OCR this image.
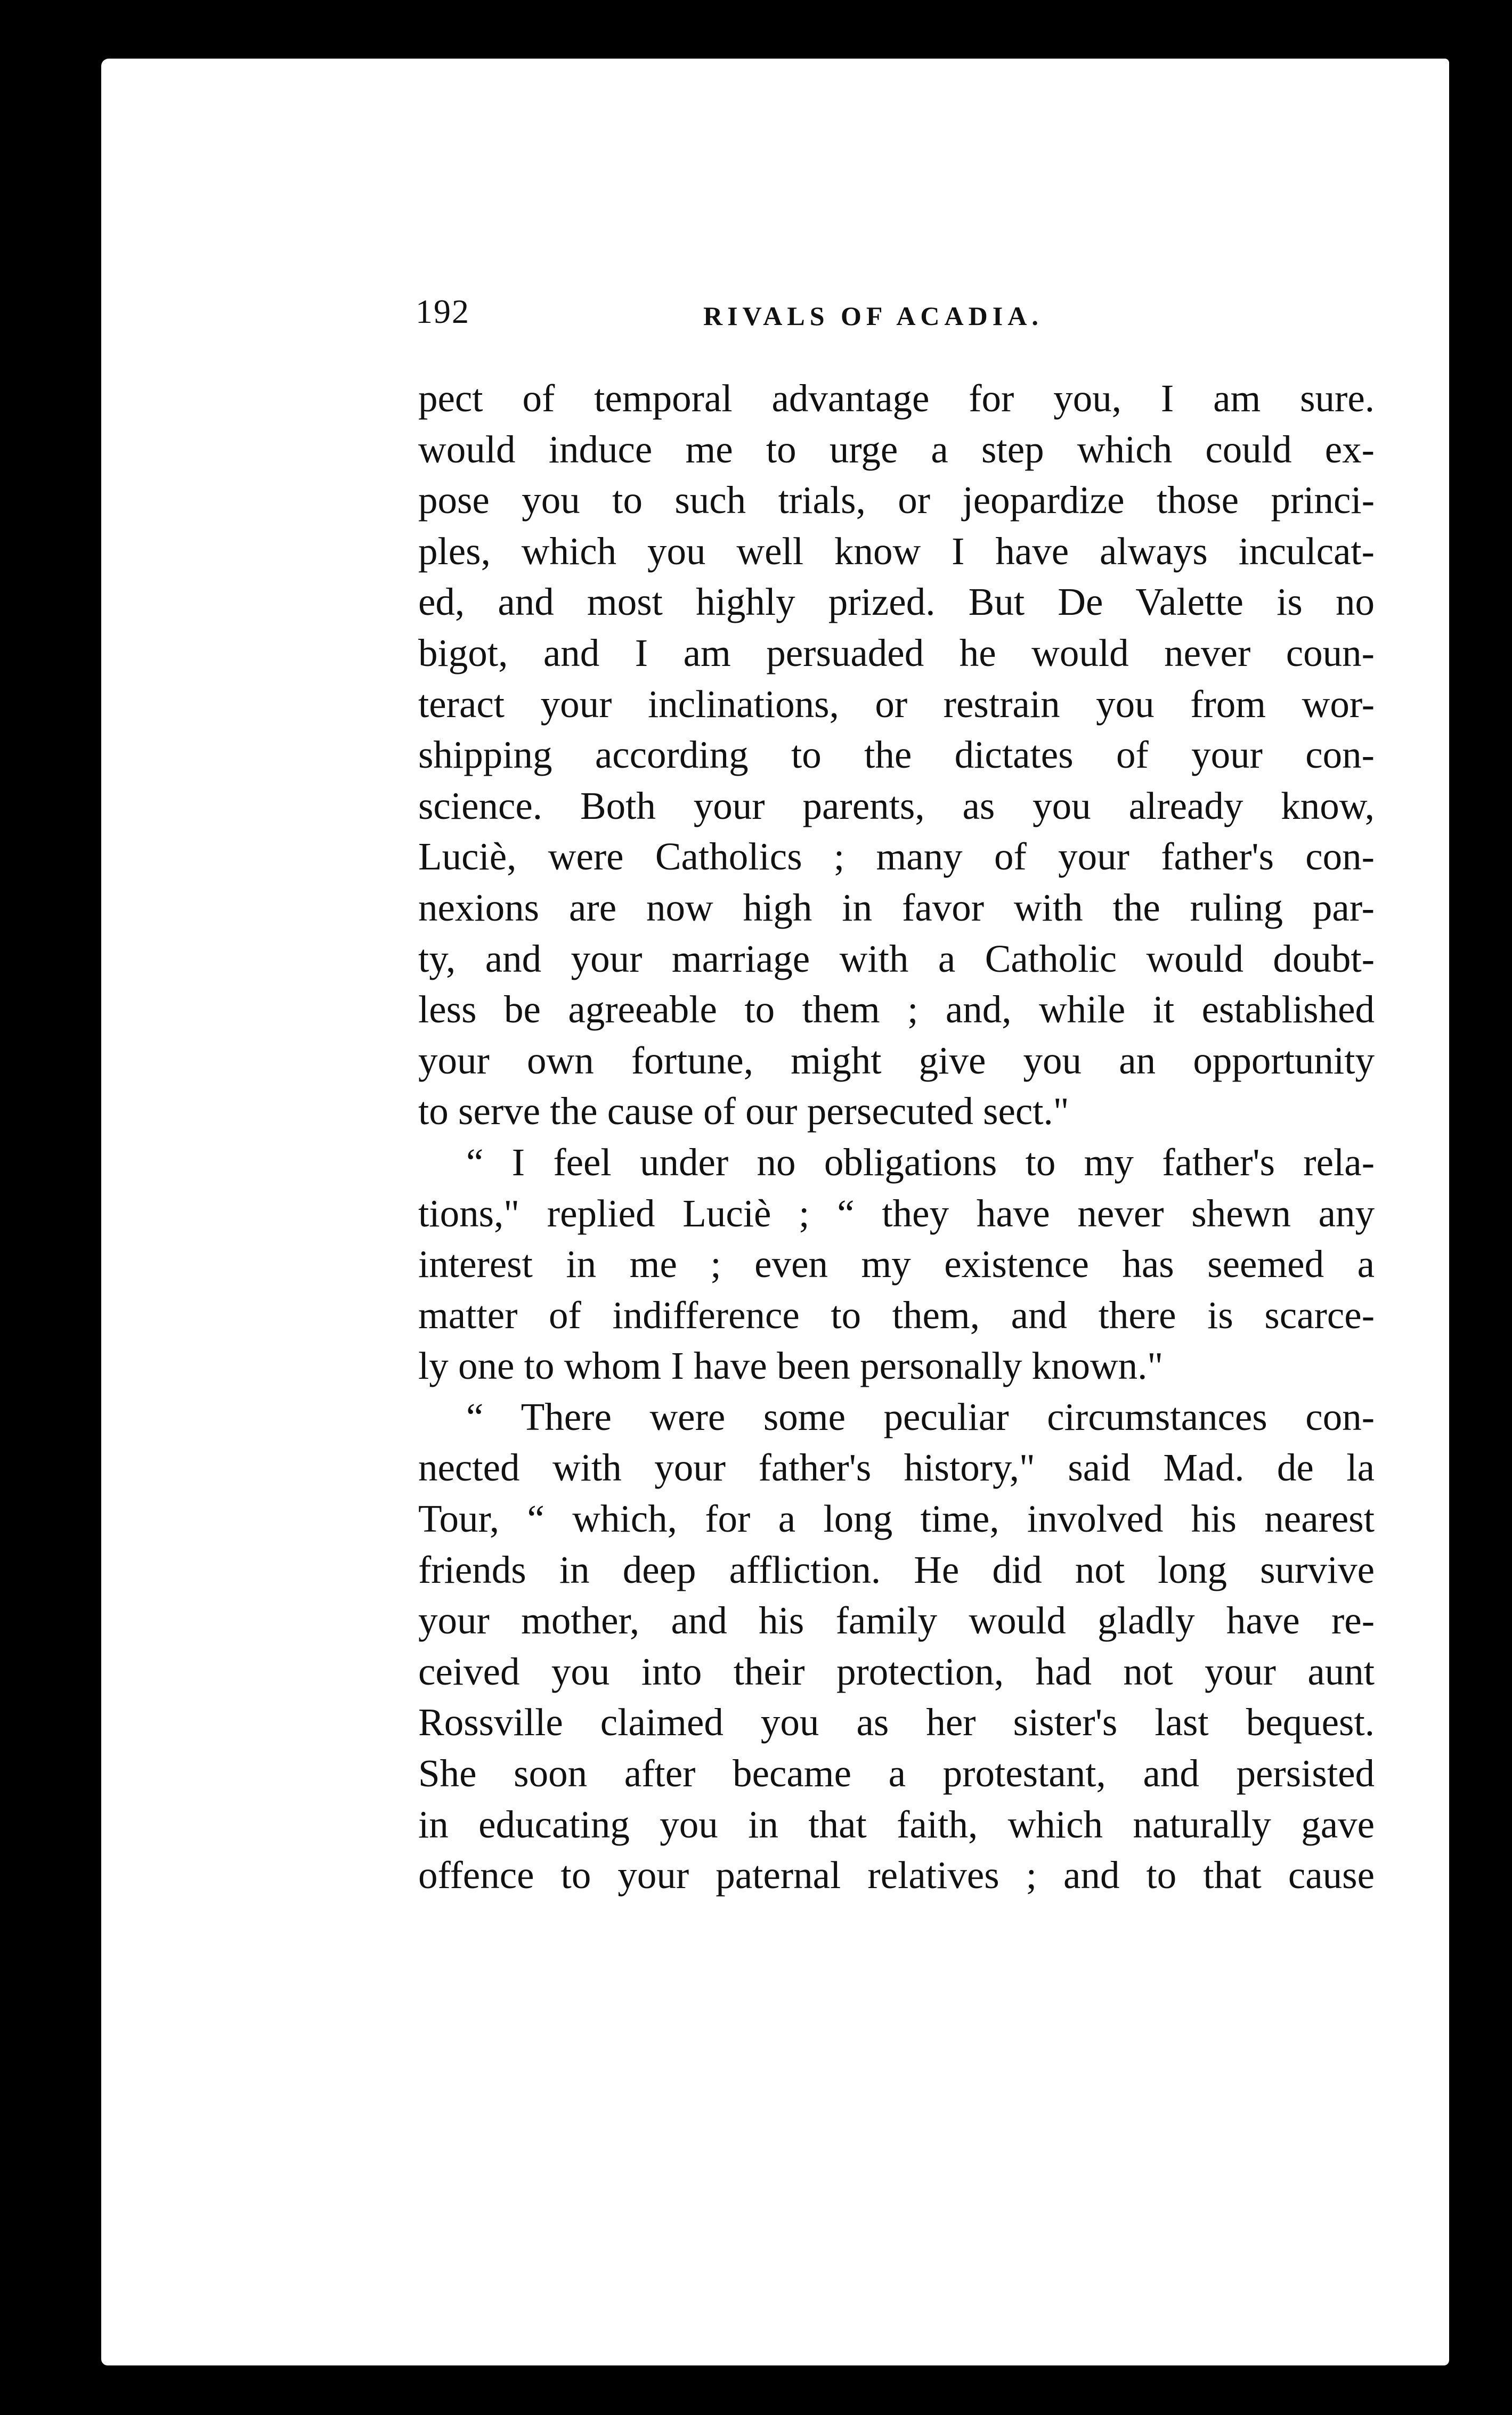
192	RIVALS OF ACADIA.
pect of temporal advantage for you, I am sure.
would induce me to urge a step which could ex-
pose you to such trials, or jeopardize those princi-
ples, which you well know I have always inculcat-
ed, and most highly prized. But De Valette is no
bigot, and I am persuaded he would never coun-
teract your inclinations, or restrain you from wor-
shipping according to the dictates of your con-
science. Both your parents, as you already know,
Luciè, were Catholics ; many of your father's con-
nexions are now high in favor with the ruling par-
ty, and your marriage with a Catholic would doubt-
less be agreeable to them ; and, while it established
your own fortune, might give you an opportunity
to serve the cause of our persecuted sect."
“ I feel under no obligations to my father's rela-
tions," replied Luciè ; “ they have never shewn any
interest in me ; even my existence has seemed a
matter of indifference to them, and there is scarce-
ly one to whom I have been personally known."
“ There were some peculiar circumstances con-
nected with your father's history," said Mad. de la
Tour, “ which, for a long time, involved his nearest
friends in deep affliction. He did not long survive
your mother, and his family would gladly have re-
ceived you into their protection, had not your aunt
Rossville claimed you as her sister's last bequest.
She soon after became a protestant, and persisted
in educating you in that faith, which naturally gave
offence to your paternal relatives ; and to that cause
